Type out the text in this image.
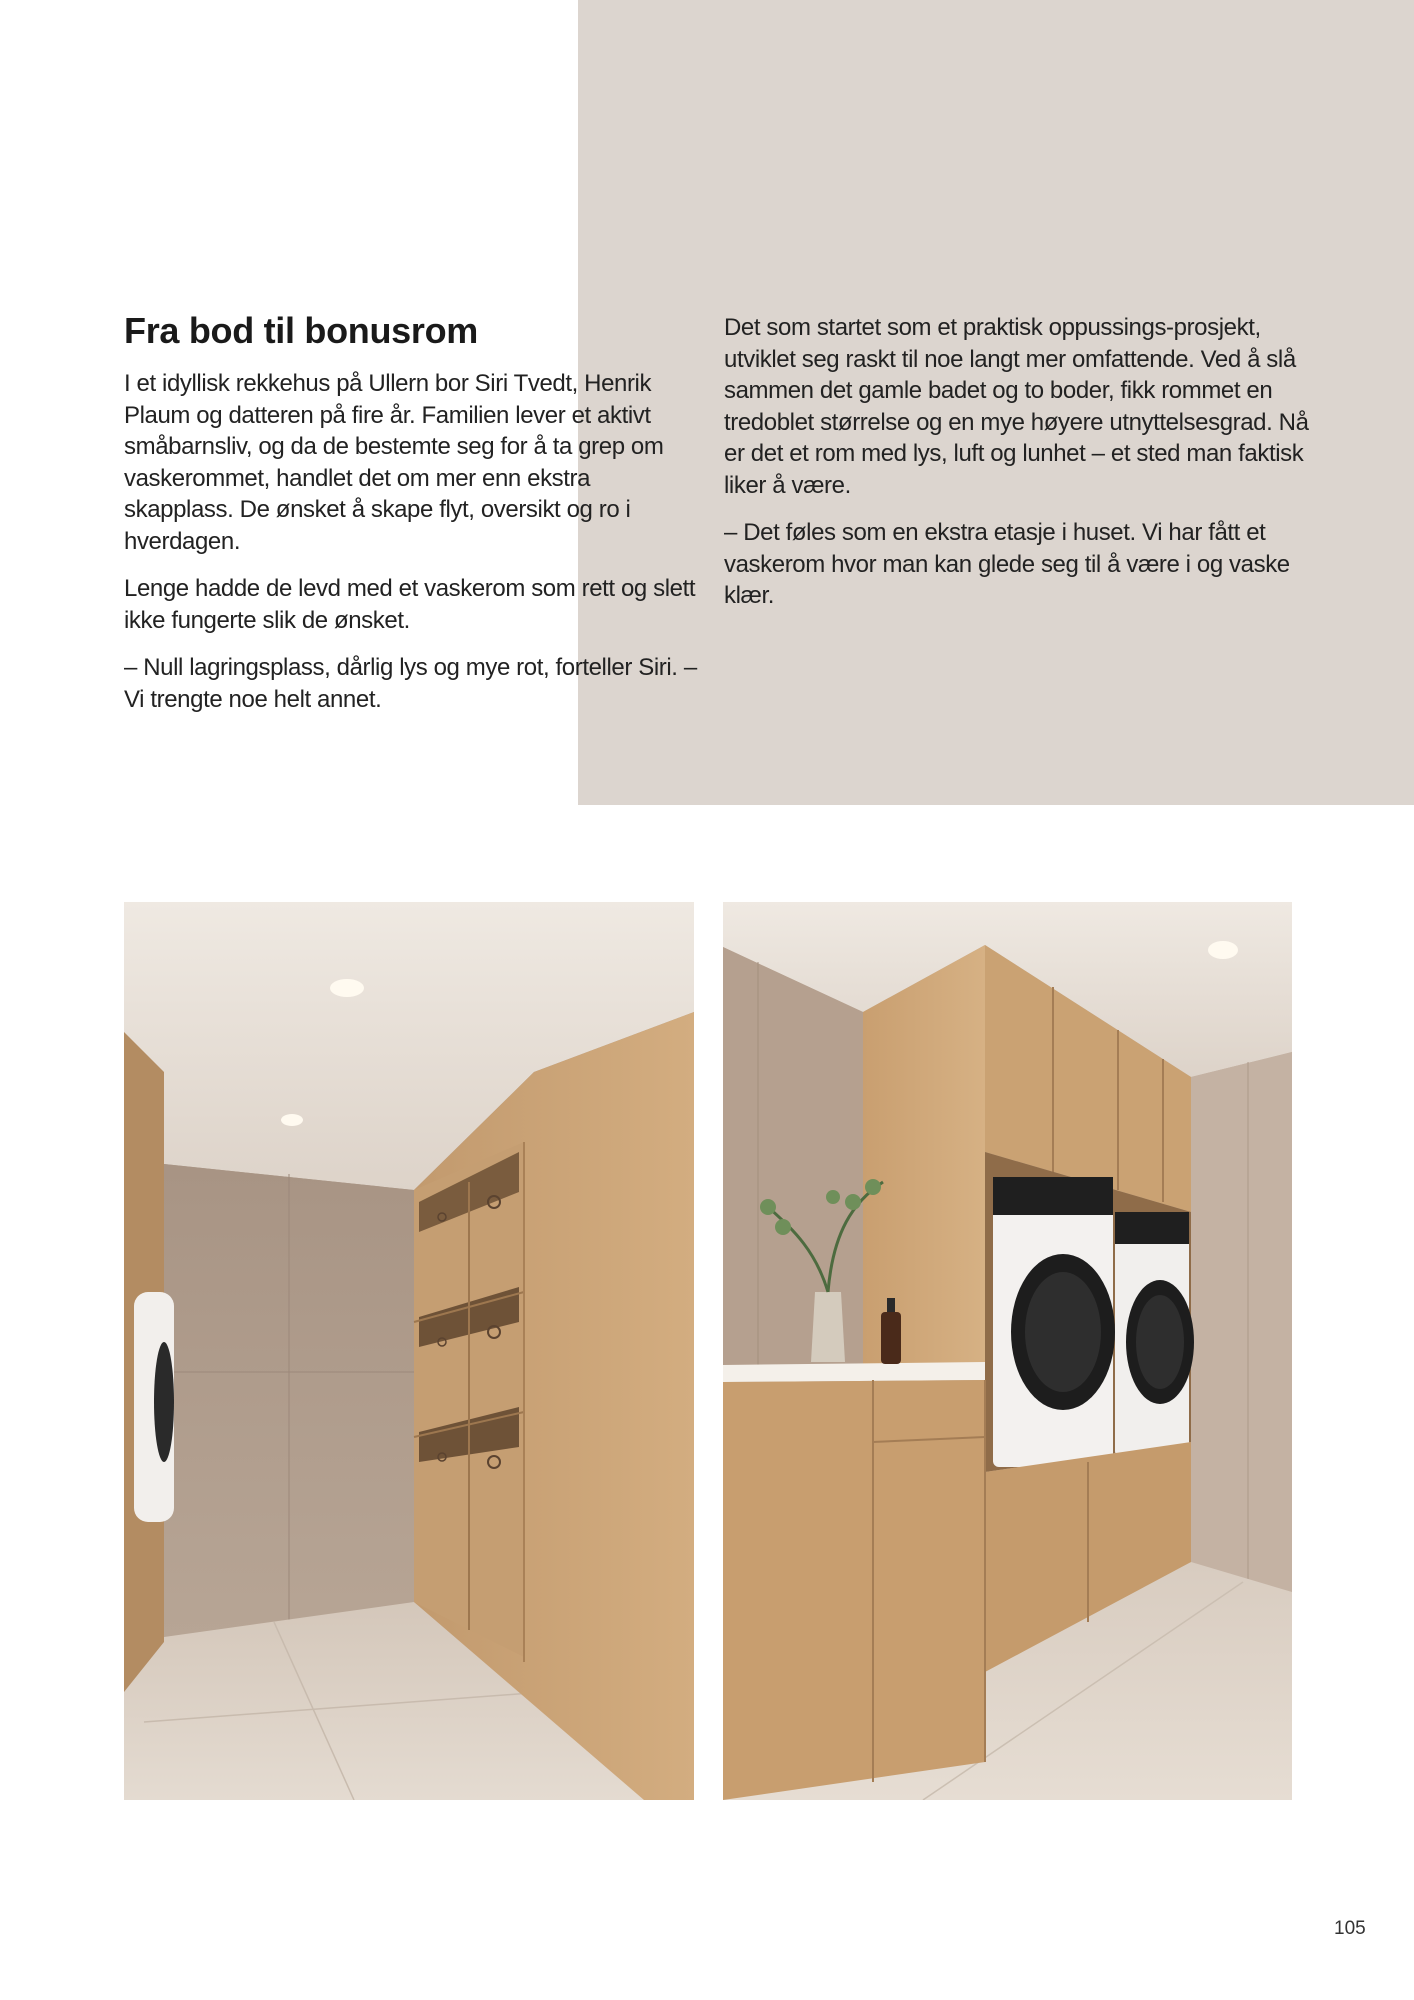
Fra bod til bonusrom

I et idyllisk rekkehus på Ullern bor Siri Tvedt, Henrik Plaum og datteren på fire år. Familien lever et aktivt småbarnsliv, og da de bestemte seg for å ta grep om vaskerommet, handlet det om mer enn ekstra skapplass. De ønsket å skape flyt, oversikt og ro i hverdagen.

Lenge hadde de levd med et vaskerom som rett og slett ikke fungerte slik de ønsket.

– Null lagringsplass, dårlig lys og mye rot, forteller Siri. – Vi trengte noe helt annet.

Det som startet som et praktisk oppussings-prosjekt, utviklet seg raskt til noe langt mer omfattende. Ved å slå sammen det gamle badet og to boder, fikk rommet en tredoblet størrelse og en mye høyere utnyttelsesgrad. Nå er det et rom med lys, luft og lunhet – et sted man faktisk liker å være.

– Det føles som en ekstra etasje i huset. Vi har fått et vaskerom hvor man kan glede seg til å være i og vaske klær.

105
